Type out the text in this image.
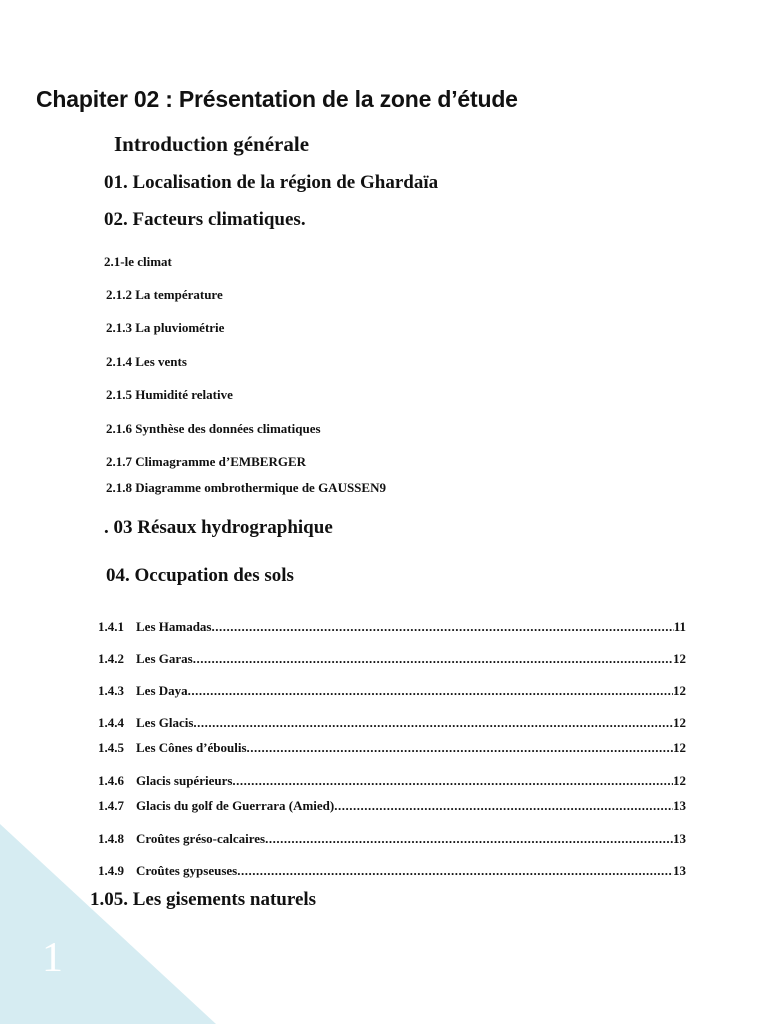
Chapiter 02 : Présentation de la zone d’étude
Introduction générale
01. Localisation de la région de Ghardaïa
02. Facteurs climatiques.
2.1-le climat
2.1.2 La température
2.1.3 La pluviométrie
2.1.4 Les vents
2.1.5 Humidité relative
2.1.6 Synthèse des données climatiques
2.1.7 Climagramme d’EMBERGER
2.1.8 Diagramme ombrothermique de GAUSSEN9
. 03 Résaux hydrographique
04. Occupation des sols
1.4.1 Les Hamadas .....	11
1.4.2 Les Garas .....	12
1.4.3 Les Daya .....	12
1.4.4 Les Glacis .....	12
1.4.5 Les Cônes d’éboulis .....	12
1.4.6 Glacis supérieurs .....	12
1.4.7 Glacis du golf de Guerrara (Amied) .....	13
1.4.8 Croûtes gréso-calcaires .....	13
1.4.9 Croûtes gypseuses .....	13
1.05. Les gisements naturels
1
